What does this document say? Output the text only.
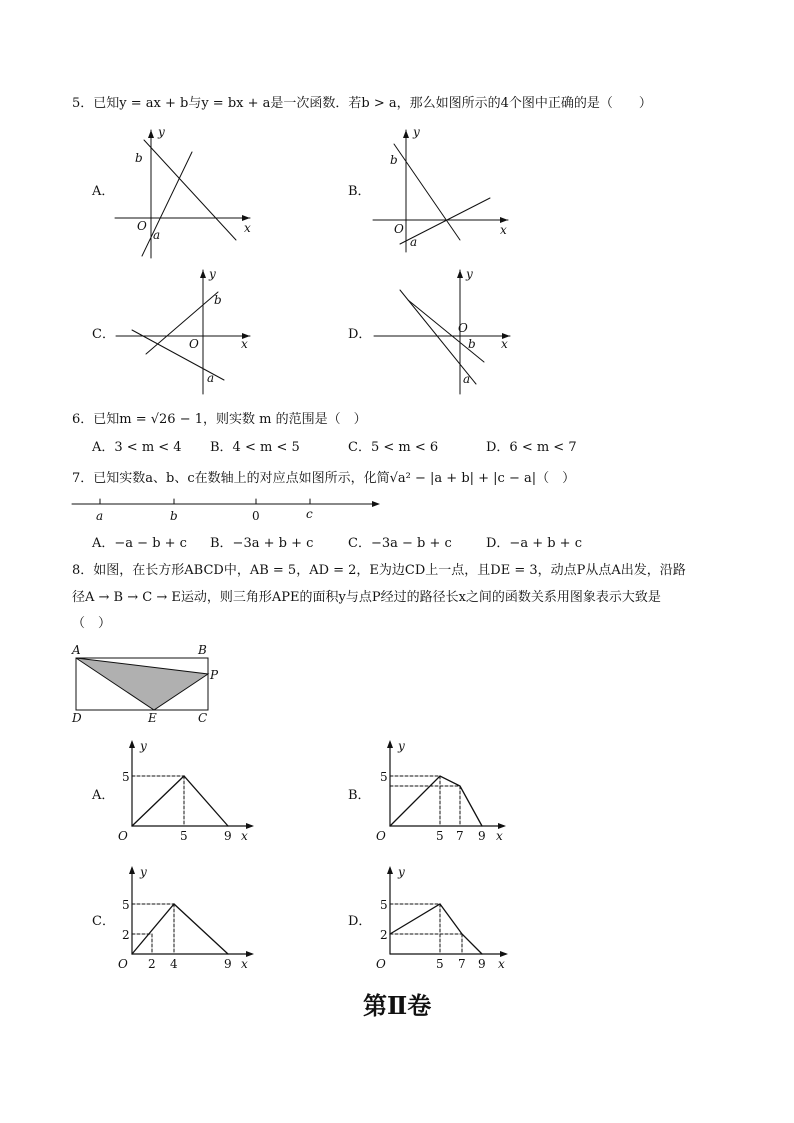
5．已知y = ax + b与y = bx + a是一次函数．若b > a，那么如图所示的4个图中正确的是（　　）
A．
x
y
O
b
a
B．
x
y
O
b
a
C．
x
y
O
b
a
D．
x
y
O
b
a
6．已知m = √26 − 1，则实数 m 的范围是（　）
A．3 < m < 4 B．4 < m < 5	C．5 < m < 6	D．6 < m < 7
7．已知实数a、b、c在数轴上的对应点如图所示，化简√a² − |a + b| + |c − a|（　）
a	b	0	c
A．−a − b + c B．−3a + b + c	C．−3a − b + c	D．−a + b + c
8．如图，在长方形ABCD中，AB = 5，AD = 2，E为边CD上一点，且DE = 3，动点P从点A出发，沿路
径A → B → C → E运动，则三角形APE的面积y与点P经过的路径长x之间的函数关系用图象表示大致是
（　）
A	B
C
D	E
P
A．
O	x
y
5
5	9
B．
O	x
y
5
5 7 9
C．
O	x
y
5
2
2 4	9
D．
O	x
y
5
2
5 7 9
第Ⅱ卷
